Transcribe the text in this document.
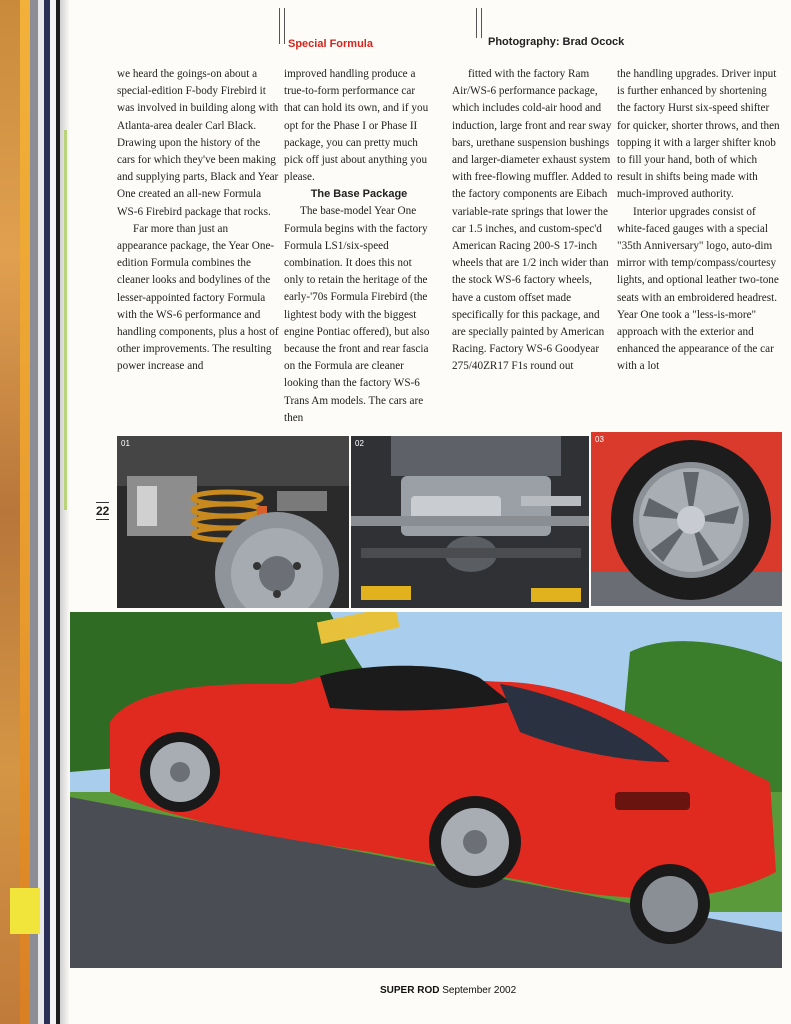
Special Formula	Photography: Brad Ocock

we heard the goings-on about a special-edition F-body Firebird it was involved in building along with Atlanta-area dealer Carl Black. Drawing upon the history of the cars for which they've been making and supplying parts, Black and Year One created an all-new Formula WS-6 Firebird package that rocks.

Far more than just an appearance package, the Year One-edition Formula combines the cleaner looks and bodylines of the lesser-appointed factory Formula with the WS-6 performance and handling components, plus a host of other improvements. The resulting power increase and

improved handling produce a true-to-form performance car that can hold its own, and if you opt for the Phase I or Phase II package, you can pretty much pick off just about anything you please.

The Base Package

The base-model Year One Formula begins with the factory Formula LS1/six-speed combination. It does this not only to retain the heritage of the early-'70s Formula Firebird (the lightest body with the biggest engine Pontiac offered), but also because the front and rear fascia on the Formula are cleaner looking than the factory WS-6 Trans Am models. The cars are then

fitted with the factory Ram Air/WS-6 performance package, which includes cold-air hood and induction, large front and rear sway bars, urethane suspension bushings and larger-diameter exhaust system with free-flowing muffler. Added to the factory components are Eibach variable-rate springs that lower the car 1.5 inches, and custom-spec'd American Racing 200-S 17-inch wheels that are 1/2 inch wider than the stock WS-6 factory wheels, have a custom offset made specifically for this package, and are specially painted by American Racing. Factory WS-6 Goodyear 275/40ZR17 F1s round out

the handling upgrades. Driver input is further enhanced by shortening the factory Hurst six-speed shifter for quicker, shorter throws, and then topping it with a larger shifter knob to fill your hand, both of which result in shifts being made with much-improved authority.

Interior upgrades consist of white-faced gauges with a special "35th Anniversary" logo, auto-dim mirror with temp/compass/courtesy lights, and optional leather two-tone seats with an embroidered headrest. Year One took a "less-is-more" approach with the exterior and enhanced the appearance of the car with a lot

22
01	02	03
SUPER ROD September 2002
